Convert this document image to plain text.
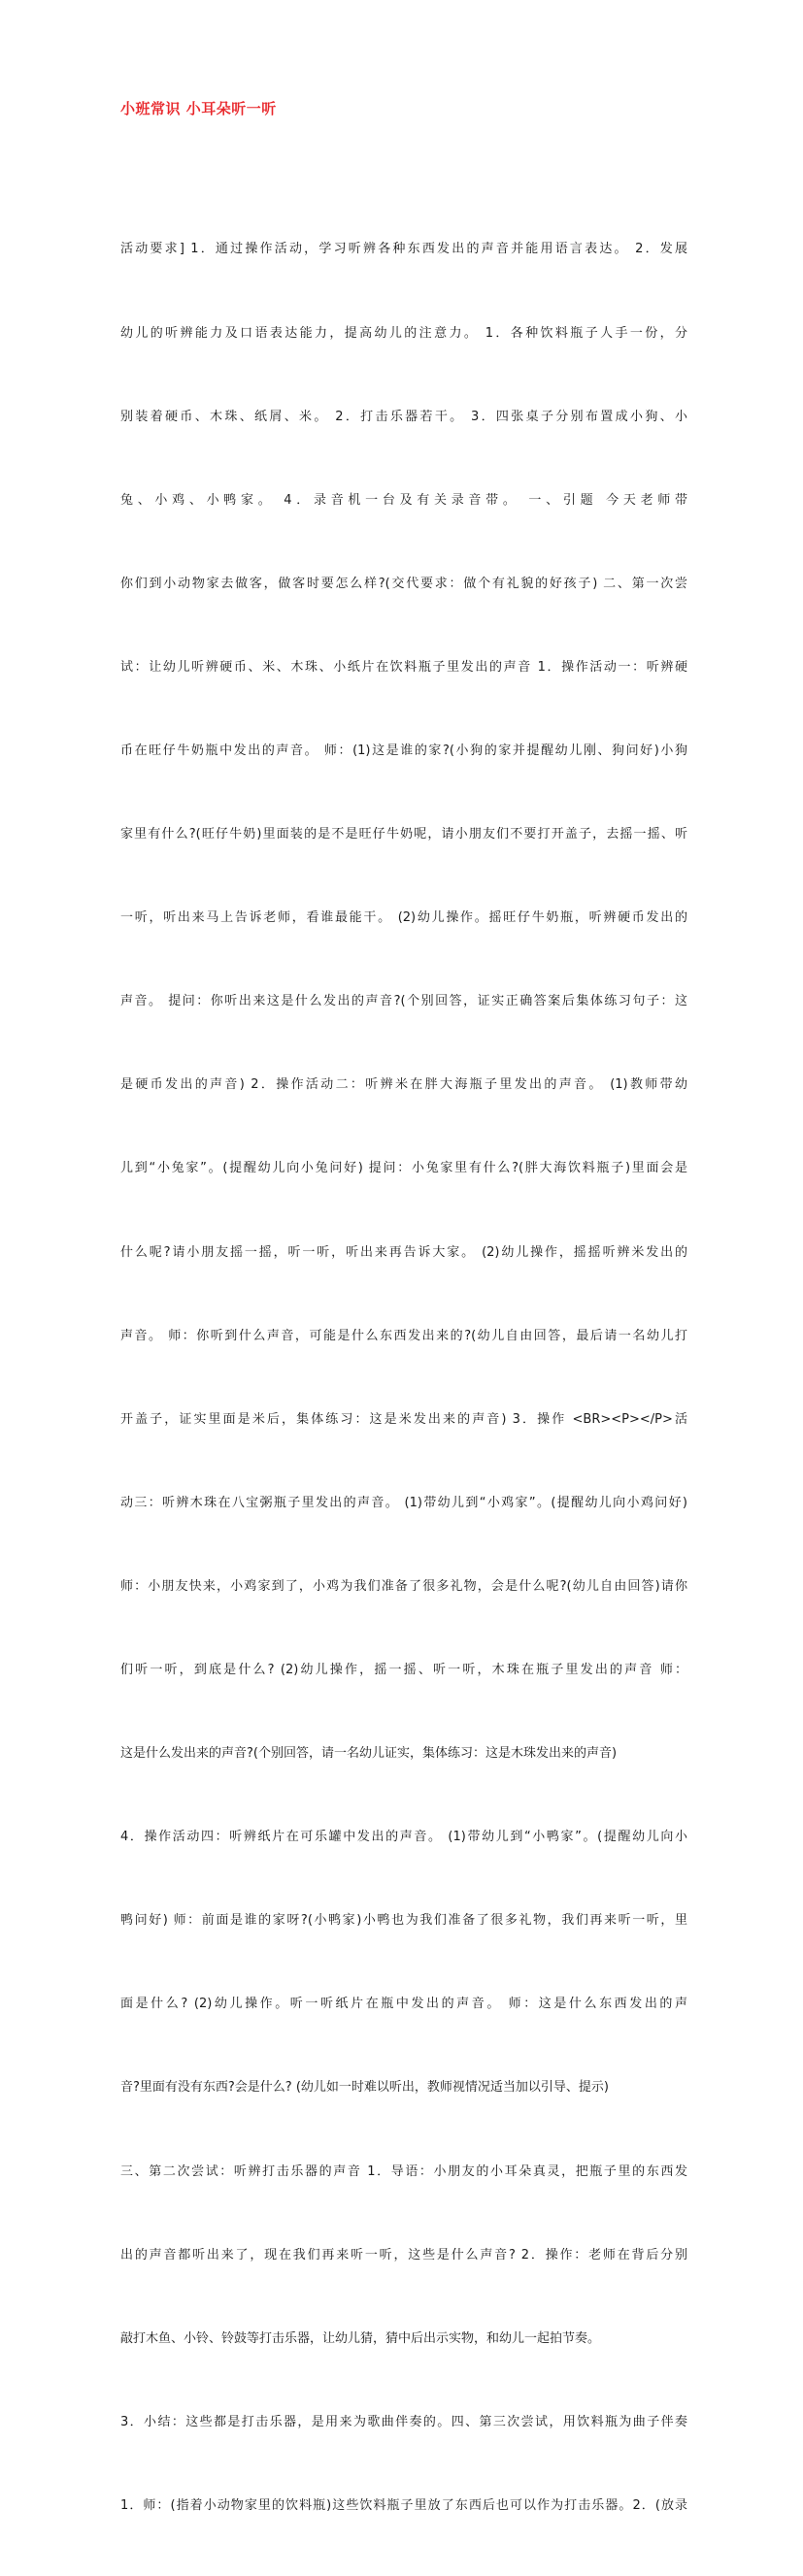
小班常识 小耳朵听一听

活动要求] 1．通过操作活动，学习听辨各种东西发出的声音并能用语言表达。 2．发展

幼儿的听辨能力及口语表达能力，提高幼儿的注意力。 1．各种饮料瓶子人手一份，分

别装着硬币、木珠、纸屑、米。 2．打击乐器若干。 3．四张桌子分别布置成小狗、小

兔、小鸡、小鸭家。 4．录音机一台及有关录音带。 一、引题 今天老师带

你们到小动物家去做客，做客时要怎么样?(交代要求：做个有礼貌的好孩子) 二、第一次尝

试：让幼儿听辨硬币、米、木珠、小纸片在饮料瓶子里发出的声音 1．操作活动一：听辨硬

币在旺仔牛奶瓶中发出的声音。 师：(1)这是谁的家?(小狗的家并提醒幼儿刚、狗问好)小狗

家里有什么?(旺仔牛奶)里面装的是不是旺仔牛奶呢，请小朋友们不要打开盖子，去摇一摇、听

一听，听出来马上告诉老师，看谁最能干。 (2)幼儿操作。摇旺仔牛奶瓶，听辨硬币发出的

声音。 提问：你听出来这是什么发出的声音?(个别回答，证实正确答案后集体练习句子：这

是硬币发出的声音) 2．操作活动二：听辨米在胖大海瓶子里发出的声音。 (1)教师带幼

儿到“小兔家”。(提醒幼儿向小兔问好) 提问：小兔家里有什么?(胖大海饮料瓶子)里面会是

什么呢?请小朋友摇一摇，听一听，听出来再告诉大家。 (2)幼儿操作，摇摇听辨米发出的

声音。 师：你听到什么声音，可能是什么东西发出来的?(幼儿自由回答，最后请一名幼儿打

开盖子，证实里面是米后，集体练习：这是米发出来的声音) 3．操作 <BR><P></P>活

动三：听辨木珠在八宝粥瓶子里发出的声音。 (1)带幼儿到“小鸡家”。(提醒幼儿向小鸡问好)

师：小朋友快来，小鸡家到了，小鸡为我们准备了很多礼物，会是什么呢?(幼儿自由回答)请你

们听一听，到底是什么? (2)幼儿操作，摇一摇、听一听，木珠在瓶子里发出的声音 师：

这是什么发出来的声音?(个别回答，请一名幼儿证实，集体练习：这是木珠发出来的声音)

4．操作活动四：听辨纸片在可乐罐中发出的声音。 (1)带幼儿到“小鸭家”。(提醒幼儿向小

鸭问好) 师：前面是谁的家呀?(小鸭家)小鸭也为我们准备了很多礼物，我们再来听一听，里

面是什么? (2)幼儿操作。听一听纸片在瓶中发出的声音。 师：这是什么东西发出的声

音?里面有没有东西?会是什么? (幼儿如一时难以听出，教师视情况适当加以引导、提示)

三、第二次尝试：听辨打击乐器的声音 1．导语：小朋友的小耳朵真灵，把瓶子里的东西发

出的声音都听出来了，现在我们再来听一听，这些是什么声音? 2．操作：老师在背后分别

敲打木鱼、小铃、铃鼓等打击乐器，让幼儿猜，猜中后出示实物，和幼儿一起拍节奏。

3．小结：这些都是打击乐器，是用来为歌曲伴奏的。四、第三次尝试，用饮料瓶为曲子伴奏

1．师：(指着小动物家里的饮料瓶)这些饮料瓶子里放了东西后也可以作为打击乐器。2．(放录
